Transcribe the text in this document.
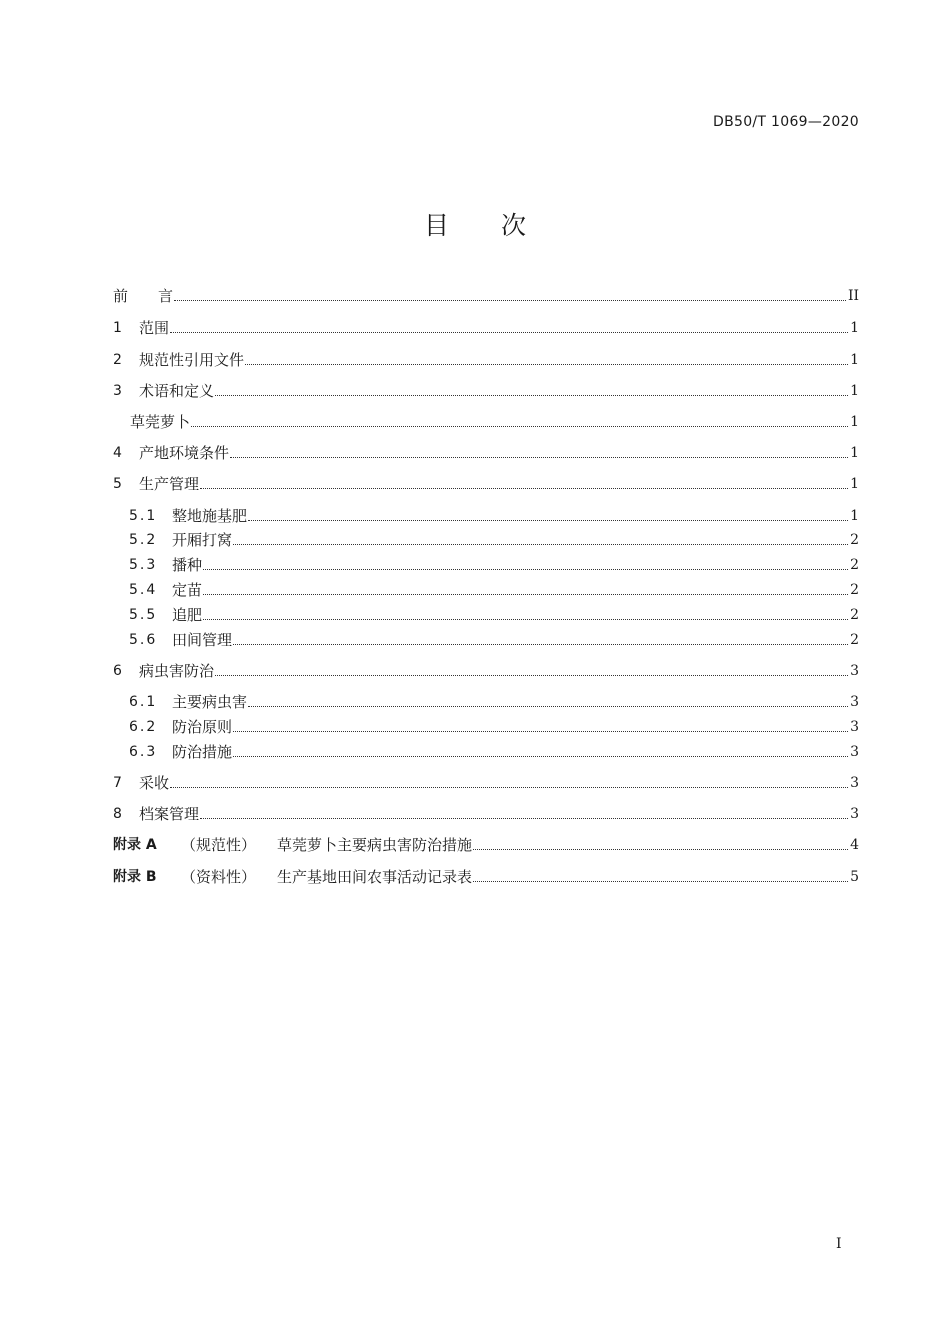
DB50/T 1069—2020
目 次
前 言	II
1	范围	1
2	规范性引用文件	1
3	术语和定义	1
草莞萝卜	1
4	产地环境条件	1
5	生产管理	1
5.1 整地施基肥	1
5.2 开厢打窝	2
5.3 播种	2
5.4 定苗	2
5.5 追肥	2
5.6 田间管理	2
6	病虫害防治	3
6.1 主要病虫害	3
6.2 防治原则	3
6.3 防治措施	3
7	采收	3
8	档案管理	3
附录 A	（规范性）	草莞萝卜主要病虫害防治措施	4
附录 B	（资料性）	生产基地田间农事活动记录表	5
I
